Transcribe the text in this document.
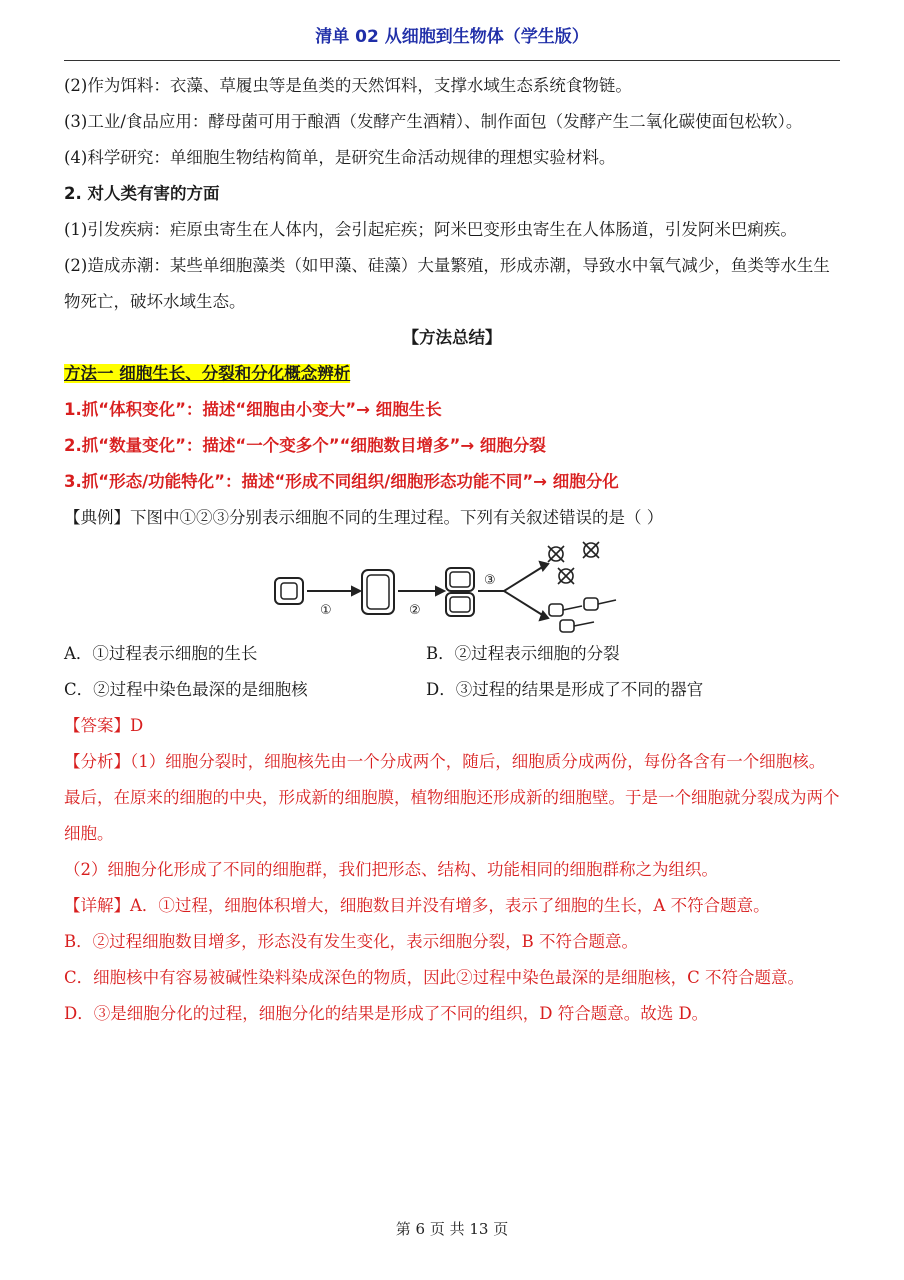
清单 02 从细胞到生物体（学生版）

(2)作为饵料：衣藻、草履虫等是鱼类的天然饵料，支撑水域生态系统食物链。

(3)工业/食品应用：酵母菌可用于酿酒（发酵产生酒精）、制作面包（发酵产生二氧化碳使面包松软）。

(4)科学研究：单细胞生物结构简单，是研究生命活动规律的理想实验材料。

2. 对人类有害的方面

(1)引发疾病：疟原虫寄生在人体内，会引起疟疾；阿米巴变形虫寄生在人体肠道，引发阿米巴痢疾。

(2)造成赤潮：某些单细胞藻类（如甲藻、硅藻）大量繁殖，形成赤潮，导致水中氧气减少，鱼类等水生生物死亡，破坏水域生态。

【方法总结】

方法一 细胞生长、分裂和分化概念辨析

1.抓“体积变化”：描述“细胞由小变大”→ 细胞生长

2.抓“数量变化”：描述“一个变多个”“细胞数目增多”→ 细胞分裂

3.抓“形态/功能特化”：描述“形成不同组织/细胞形态功能不同”→ 细胞分化

【典例】下图中①②③分别表示细胞不同的生理过程。下列有关叙述错误的是（ ）

①	②
③

A．①过程表示细胞的生长	B．②过程表示细胞的分裂

C．②过程中染色最深的是细胞核	D．③过程的结果是形成了不同的器官

【答案】D

【分析】（1）细胞分裂时，细胞核先由一个分成两个，随后，细胞质分成两份，每份各含有一个细胞核。最后，在原来的细胞的中央，形成新的细胞膜，植物细胞还形成新的细胞壁。于是一个细胞就分裂成为两个细胞。

（2）细胞分化形成了不同的细胞群，我们把形态、结构、功能相同的细胞群称之为组织。

【详解】A．①过程，细胞体积增大，细胞数目并没有增多，表示了细胞的生长，A 不符合题意。

B．②过程细胞数目增多，形态没有发生变化，表示细胞分裂，B 不符合题意。

C．细胞核中有容易被碱性染料染成深色的物质，因此②过程中染色最深的是细胞核，C 不符合题意。

D．③是细胞分化的过程，细胞分化的结果是形成了不同的组织，D 符合题意。故选 D。

第 6 页 共 13 页
